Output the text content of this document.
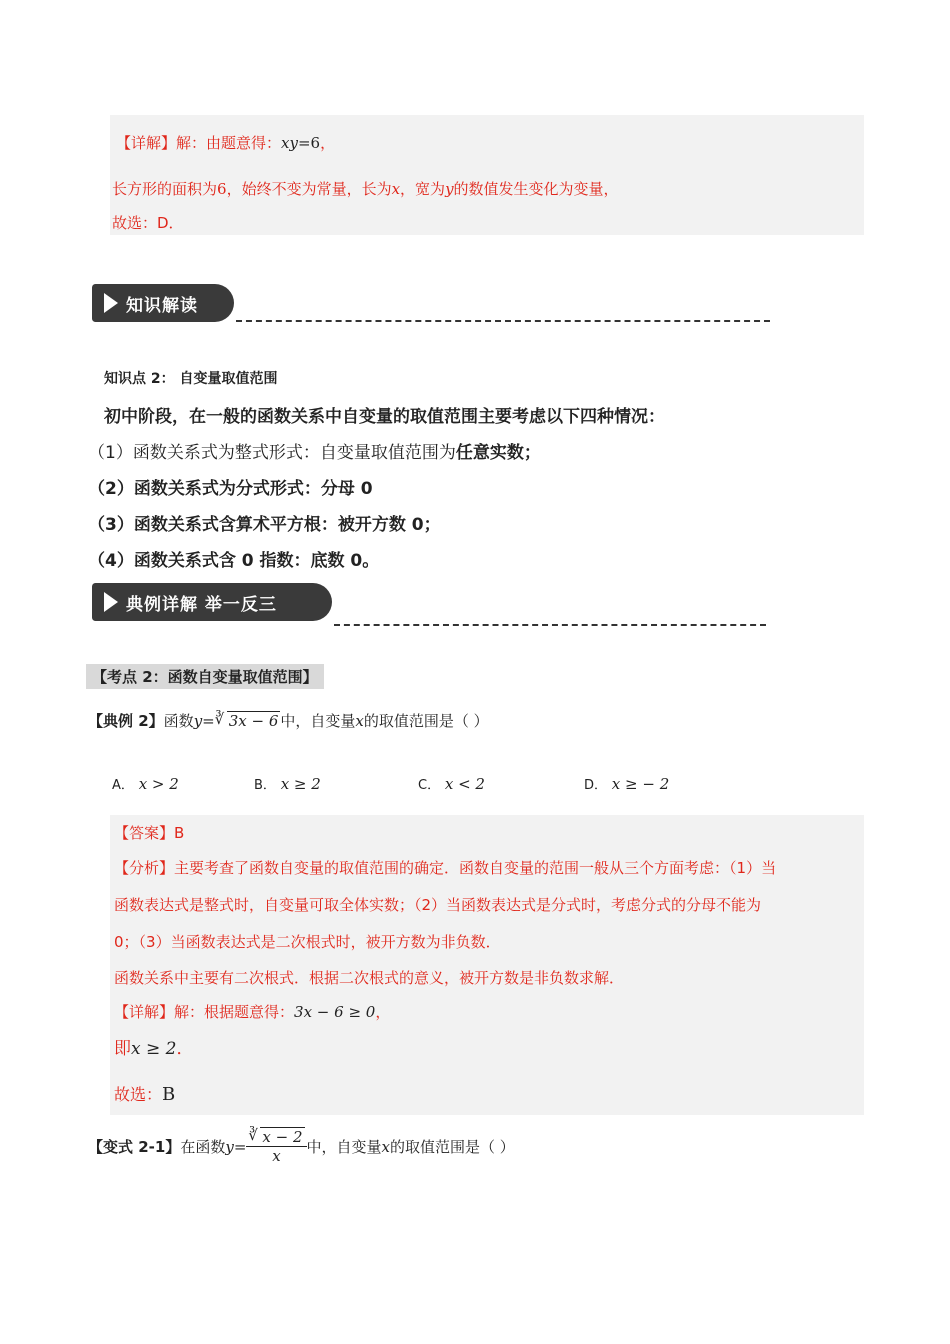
【详解】解：由题意得：xy=6，
长方形的面积为6，始终不变为常量，长为x，宽为y的数值发生变化为变量，
故选：D．
知识解读
知识点 2： 自变量取值范围
初中阶段，在一般的函数关系中自变量的取值范围主要考虑以下四种情况：
（1）函数关系式为整式形式：自变量取值范围为任意实数；
（2）函数关系式为分式形式：分母 0
（3）函数关系式含算术平方根：被开方数 0；
（4）函数关系式含 0 指数：底数 0。
典例详解 举一反三
【考点 2：函数自变量取值范围】
【典例 2】函数y= ∛ 3x − 6 中，自变量x的取值范围是（ ）
A． x > 2	B． x ≥ 2	C． x < 2	D． x ≥ − 2
【答案】B
【分析】主要考查了函数自变量的取值范围的确定．函数自变量的范围一般从三个方面考虑：（1）当
函数表达式是整式时，自变量可取全体实数；（2）当函数表达式是分式时，考虑分式的分母不能为
0；（3）当函数表达式是二次根式时，被开方数为非负数．
函数关系中主要有二次根式．根据二次根式的意义，被开方数是非负数求解．
【详解】解：根据题意得：3x − 6 ≥ 0，
即x ≥ 2．
故选：B
【变式 2-1】 在函数 $y = \frac{∛ x - 2}{x}$ 中，自变量 x 的取值范围是（ ）
